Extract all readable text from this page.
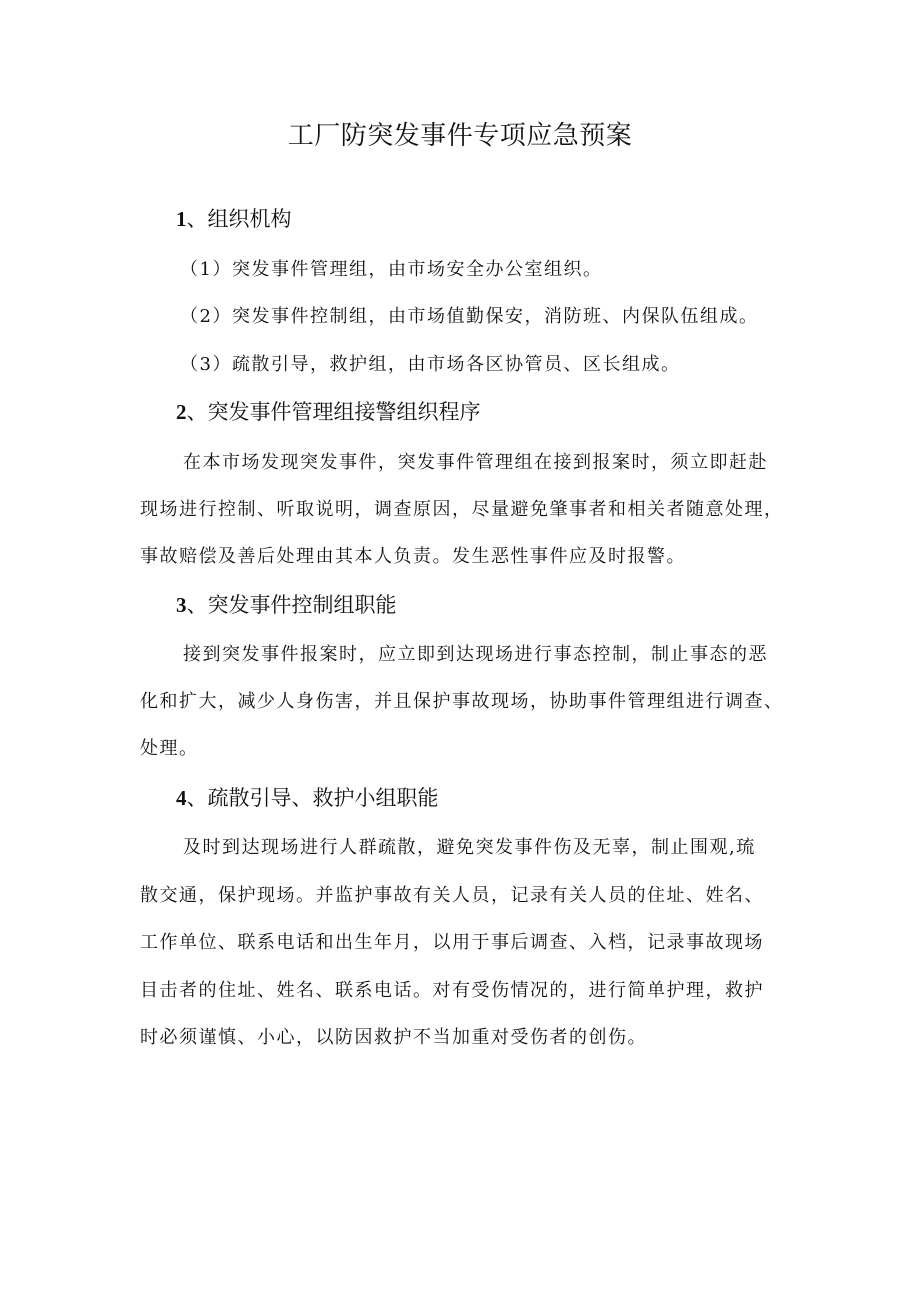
工厂防突发事件专项应急预案
1、组织机构
（1）突发事件管理组，由市场安全办公室组织。
（2）突发事件控制组，由市场值勤保安，消防班、内保队伍组成。
（3）疏散引导，救护组，由市场各区协管员、区长组成。
2、突发事件管理组接警组织程序
在本市场发现突发事件，突发事件管理组在接到报案时，须立即赶赴
现场进行控制、听取说明，调查原因，尽量避免肇事者和相关者随意处理，
事故赔偿及善后处理由其本人负责。发生恶性事件应及时报警。
3、突发事件控制组职能
接到突发事件报案时，应立即到达现场进行事态控制，制止事态的恶
化和扩大，减少人身伤害，并且保护事故现场，协助事件管理组进行调查、
处理。
4、疏散引导、救护小组职能
及时到达现场进行人群疏散，避免突发事件伤及无辜，制止围观,琉
散交通，保护现场。并监护事故有关人员，记录有关人员的住址、姓名、
工作单位、联系电话和出生年月，以用于事后调查、入档，记录事故现场
目击者的住址、姓名、联系电话。对有受伤情况的，进行简单护理，救护
时必须谨慎、小心，以防因救护不当加重对受伤者的创伤。
